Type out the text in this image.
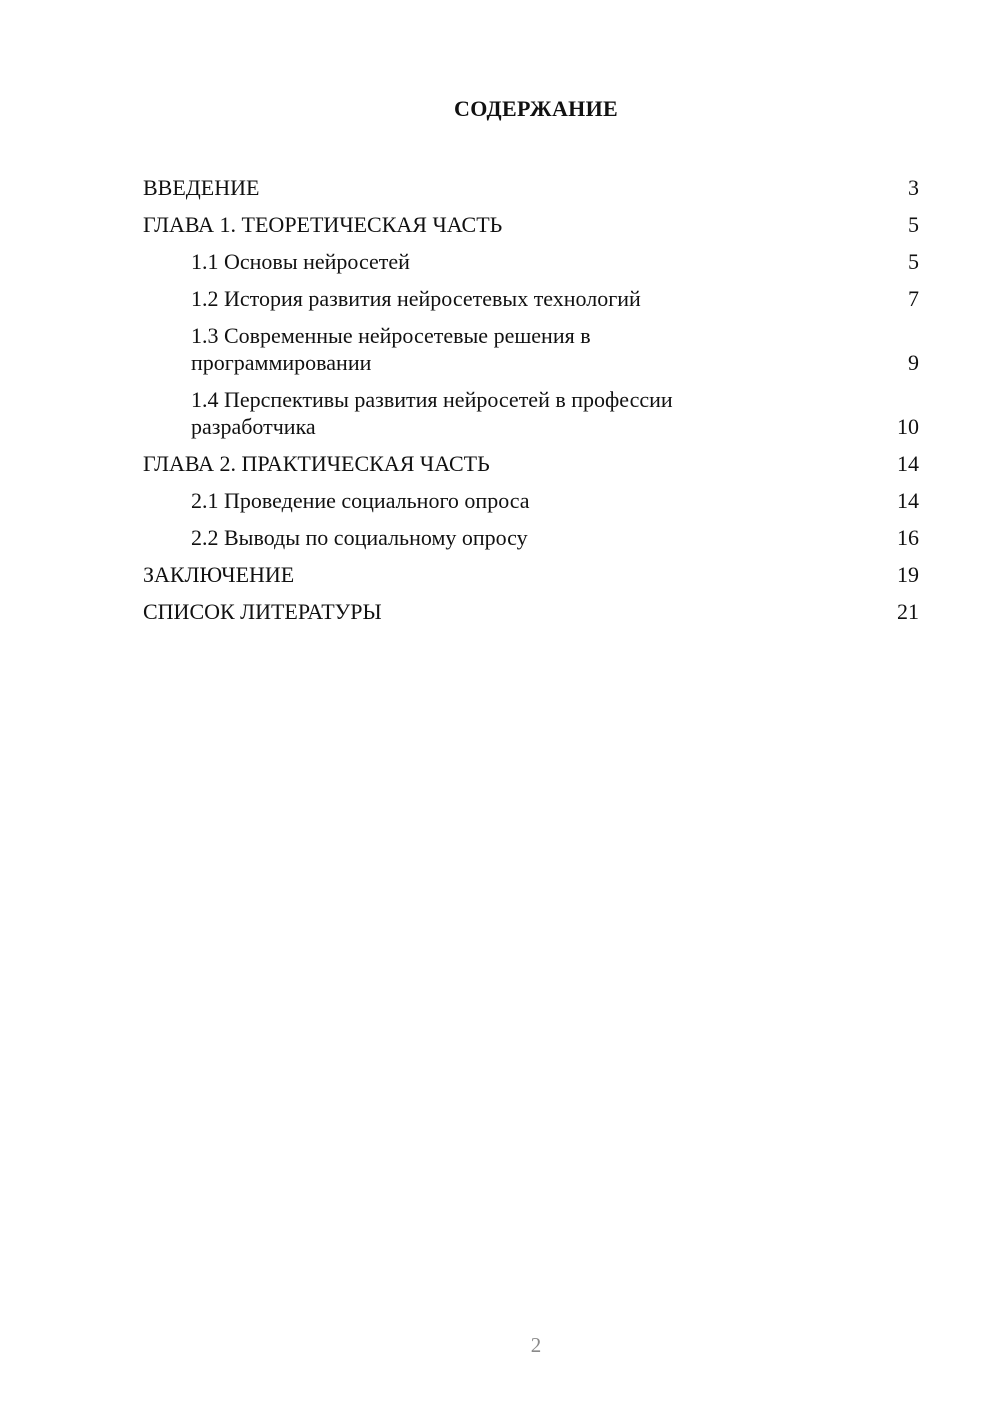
СОДЕРЖАНИЕ
ВВЕДЕНИЕ	3
ГЛАВА 1. ТЕОРЕТИЧЕСКАЯ ЧАСТЬ	5
1.1 Основы нейросетей	5
1.2 История развития нейросетевых технологий	7
1.3 Современные нейросетевые решения в программировании	9
1.4 Перспективы развития нейросетей в профессии разработчика	10
ГЛАВА 2. ПРАКТИЧЕСКАЯ ЧАСТЬ	14
2.1 Проведение социального опроса	14
2.2 Выводы по социальному опросу	16
ЗАКЛЮЧЕНИЕ	19
СПИСОК ЛИТЕРАТУРЫ	21
2
